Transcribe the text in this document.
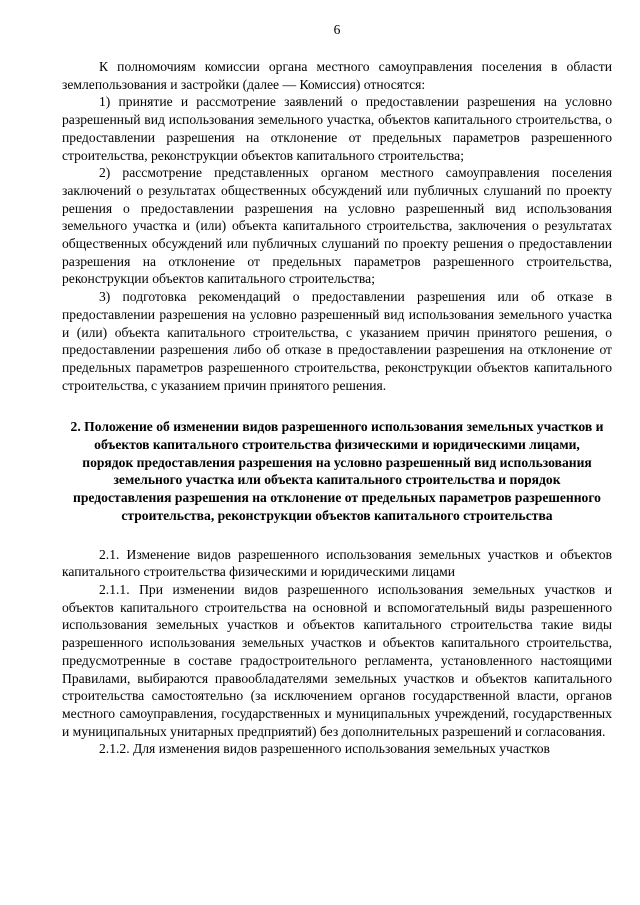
6

К полномочиям комиссии органа местного самоуправления поселения в области землепользования и застройки (далее — Комиссия) относятся:

1) принятие и рассмотрение заявлений о предоставлении разрешения на условно разрешенный вид использования земельного участка, объектов капитального строительства, о предоставлении разрешения на отклонение от предельных параметров разрешенного строительства, реконструкции объектов капитального строительства;

2) рассмотрение представленных органом местного самоуправления поселения заключений о результатах общественных обсуждений или публичных слушаний по проекту решения о предоставлении разрешения на условно разрешенный вид использования земельного участка и (или) объекта капитального строительства, заключения о результатах общественных обсуждений или публичных слушаний по проекту решения о предоставлении разрешения на отклонение от предельных параметров разрешенного строительства, реконструкции объектов капитального строительства;

3) подготовка рекомендаций о предоставлении разрешения или об отказе в предоставлении разрешения на условно разрешенный вид использования земельного участка и (или) объекта капитального строительства, с указанием причин принятого решения, о предоставлении разрешения либо об отказе в предоставлении разрешения на отклонение от предельных параметров разрешенного строительства, реконструкции объектов капитального строительства, с указанием причин принятого решения.

2. Положение об изменении видов разрешенного использования земельных участков и объектов капитального строительства физическими и юридическими лицами, порядок предоставления разрешения на условно разрешенный вид использования земельного участка или объекта капитального строительства и порядок предоставления разрешения на отклонение от предельных параметров разрешенного строительства, реконструкции объектов капитального строительства

2.1. Изменение видов разрешенного использования земельных участков и объектов капитального строительства физическими и юридическими лицами

2.1.1. При изменении видов разрешенного использования земельных участков и объектов капитального строительства на основной и вспомогательный виды разрешенного использования земельных участков и объектов капитального строительства такие виды разрешенного использования земельных участков и объектов капитального строительства, предусмотренные в составе градостроительного регламента, установленного настоящими Правилами, выбираются правообладателями земельных участков и объектов капитального строительства самостоятельно (за исключением органов государственной власти, органов местного самоуправления, государственных и муниципальных учреждений, государственных и муниципальных унитарных предприятий) без дополнительных разрешений и согласования.

2.1.2. Для изменения видов разрешенного использования земельных участков
